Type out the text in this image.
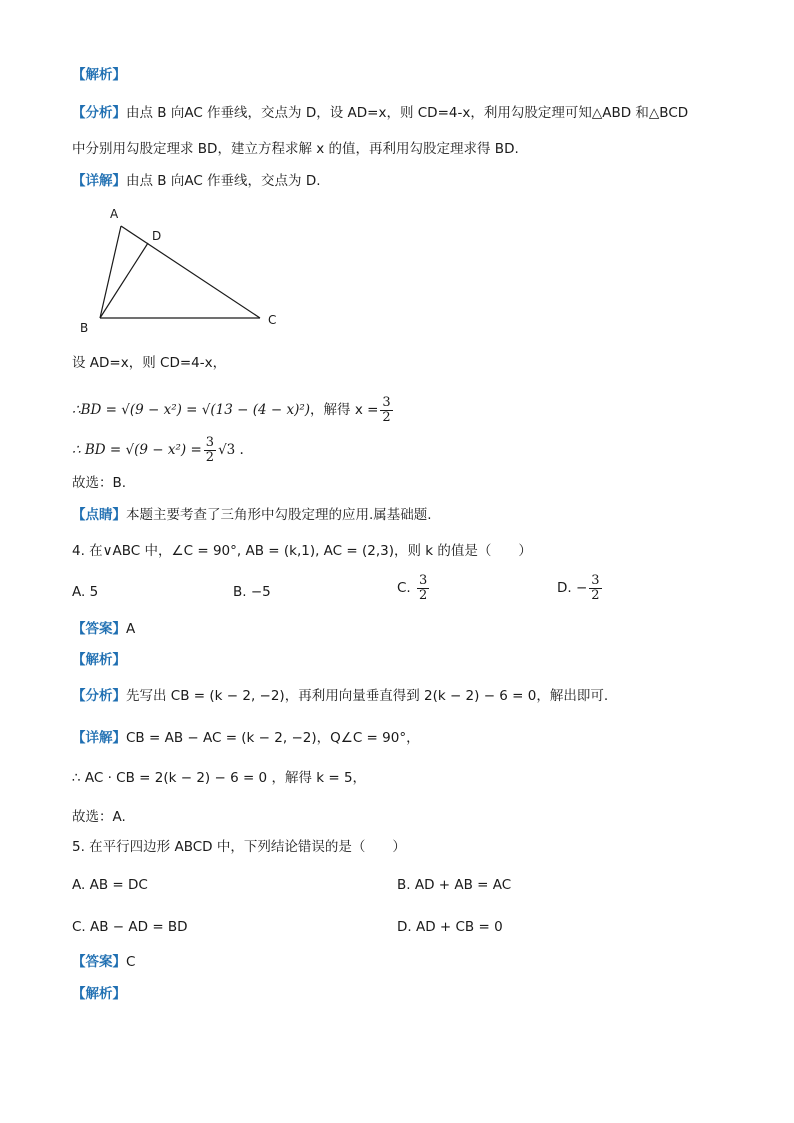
【解析】
【分析】由点 B 向AC 作垂线，交点为 D，设 AD=x，则 CD=4-x，利用勾股定理可知△ABD 和△BCD
中分别用勾股定理求 BD，建立方程求解 x 的值，再利用勾股定理求得 BD.
【详解】由点 B 向AC 作垂线，交点为 D.
A
D
B
C
设 AD=x，则 CD=4-x，
∴BD = √(9 − x²) = √(13 − (4 − x)²)，解得 $x = \frac{3}{2}$
∴ BD = $√(9 - x^2) = \frac{3}{2} √3$ .
故选：B.
【点睛】本题主要考查了三角形中勾股定理的应用.属基础题.
4. 在∨ABC 中，∠C = 90°, AB = (k,1), AC = (2,3)，则 k 的值是（　　）
A. 5	B. −5	C. $\frac{3}{2}$	D. − $\frac{3}{2}$
【答案】A
【解析】
【分析】先写出 CB = (k − 2, −2)，再利用向量垂直得到 2(k − 2) − 6 = 0，解出即可.
【详解】CB = AB − AC = (k − 2, −2)，Q∠C = 90°，
∴ AC · CB = 2(k − 2) − 6 = 0 ，解得 k = 5，
故选：A.
5. 在平行四边形 ABCD 中，下列结论错误的是（　　）
A. AB = DC	B. AD + AB = AC
C. AB − AD = BD	D. AD + CB = 0
【答案】C
【解析】
